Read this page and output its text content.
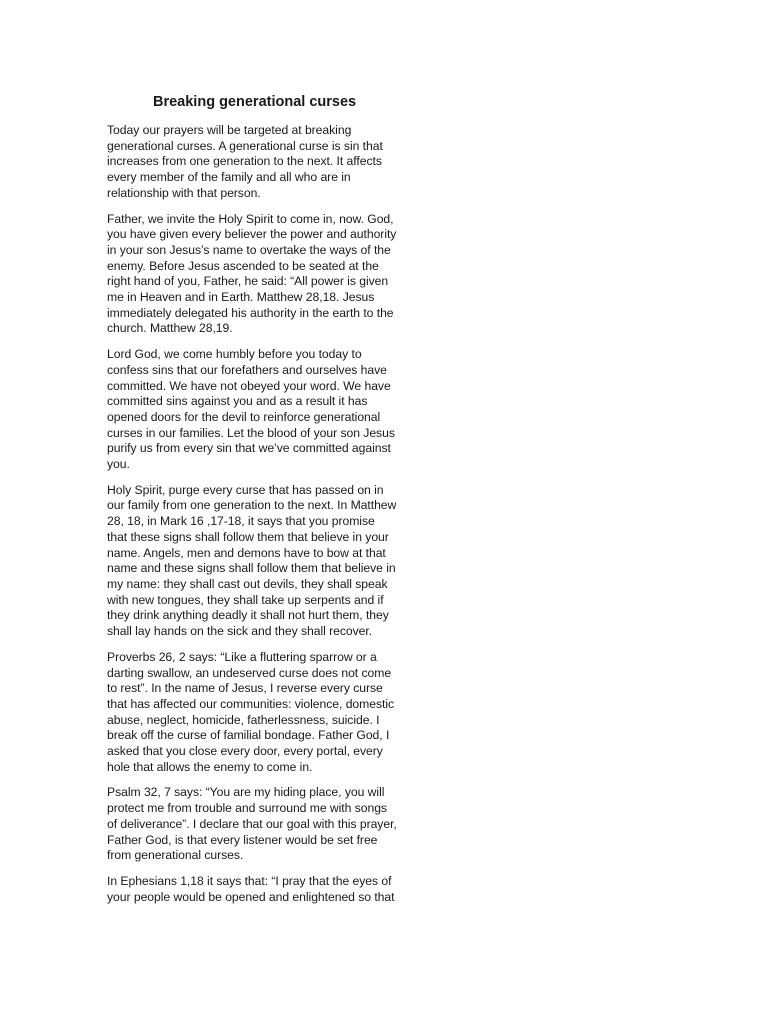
Breaking generational curses
Today our prayers will be targeted at breaking
generational curses. A generational curse is sin that
increases from one generation to the next. It affects
every member of the family and all who are in
relationship with that person.
Father, we invite the Holy Spirit to come in, now. God,
you have given every believer the power and authority
in your son Jesus’s name to overtake the ways of the
enemy. Before Jesus ascended to be seated at the
right hand of you, Father, he said: “All power is given
me in Heaven and in Earth. Matthew 28,18. Jesus
immediately delegated his authority in the earth to the
church. Matthew 28,19.
Lord God, we come humbly before you today to
confess sins that our forefathers and ourselves have
committed. We have not obeyed your word. We have
committed sins against you and as a result it has
opened doors for the devil to reinforce generational
curses in our families. Let the blood of your son Jesus
purify us from every sin that we’ve committed against
you.
Holy Spirit, purge every curse that has passed on in
our family from one generation to the next. In Matthew
28, 18, in Mark 16 ,17-18, it says that you promise
that these signs shall follow them that believe in your
name. Angels, men and demons have to bow at that
name and these signs shall follow them that believe in
my name: they shall cast out devils, they shall speak
with new tongues, they shall take up serpents and if
they drink anything deadly it shall not hurt them, they
shall lay hands on the sick and they shall recover.
Proverbs 26, 2 says: “Like a fluttering sparrow or a
darting swallow, an undeserved curse does not come
to rest”. In the name of Jesus, I reverse every curse
that has affected our communities: violence, domestic
abuse, neglect, homicide, fatherlessness, suicide. I
break off the curse of familial bondage. Father God, I
asked that you close every door, every portal, every
hole that allows the enemy to come in.
Psalm 32, 7 says: “You are my hiding place, you will
protect me from trouble and surround me with songs
of deliverance”. I declare that our goal with this prayer,
Father God, is that every listener would be set free
from generational curses.
In Ephesians 1,18 it says that: “I pray that the eyes of
your people would be opened and enlightened so that
